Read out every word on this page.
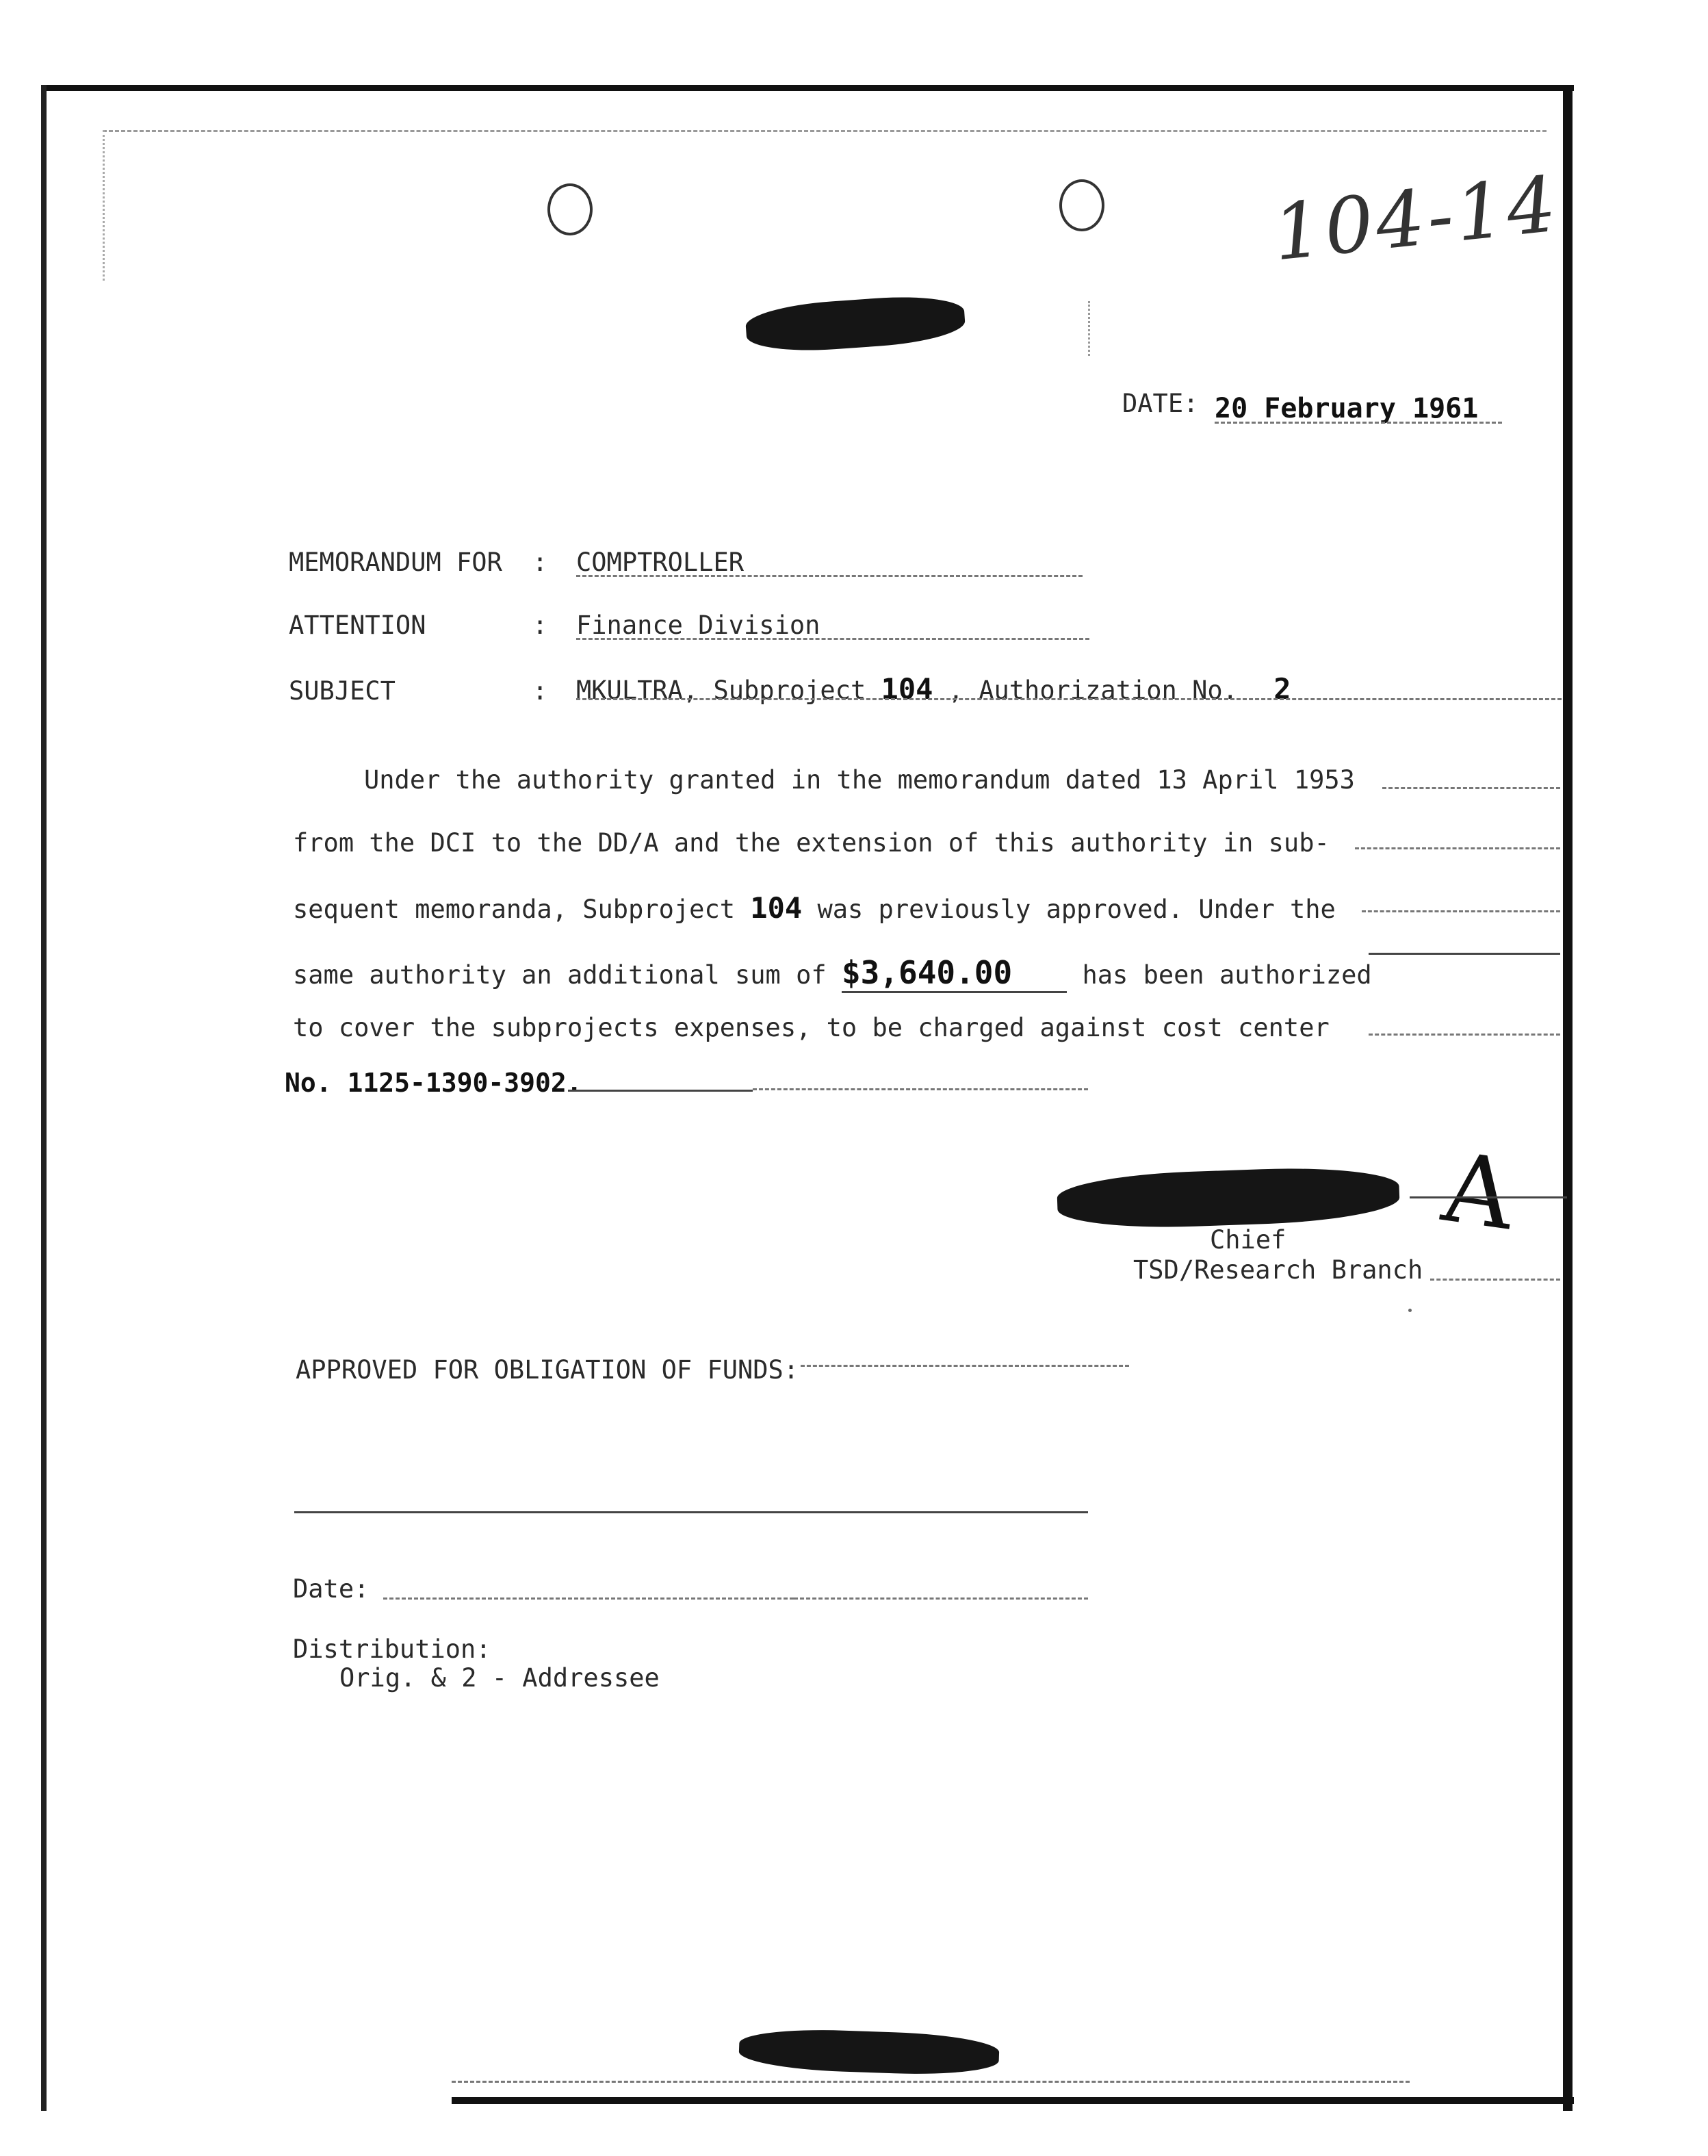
104-14
DATE: 20 February 1961
MEMORANDUM FOR : COMPTROLLER
ATTENTION	: Finance Division
SUBJECT	: MKULTRA, Subproject 104 , Authorization No. 2
Under the authority granted in the memorandum dated 13 April 1953
from the DCI to the DD/A and the extension of this authority in sub-
sequent memoranda, Subproject 104 was previously approved. Under the
same authority an additional sum of $3,640.00	has been authorized
to cover the subprojects expenses, to be charged against cost center
No. 1125-1390-3902.
A
Chief
TSD/Research Branch
APPROVED FOR OBLIGATION OF FUNDS:
Date:
Distribution:
Orig. & 2 - Addressee
